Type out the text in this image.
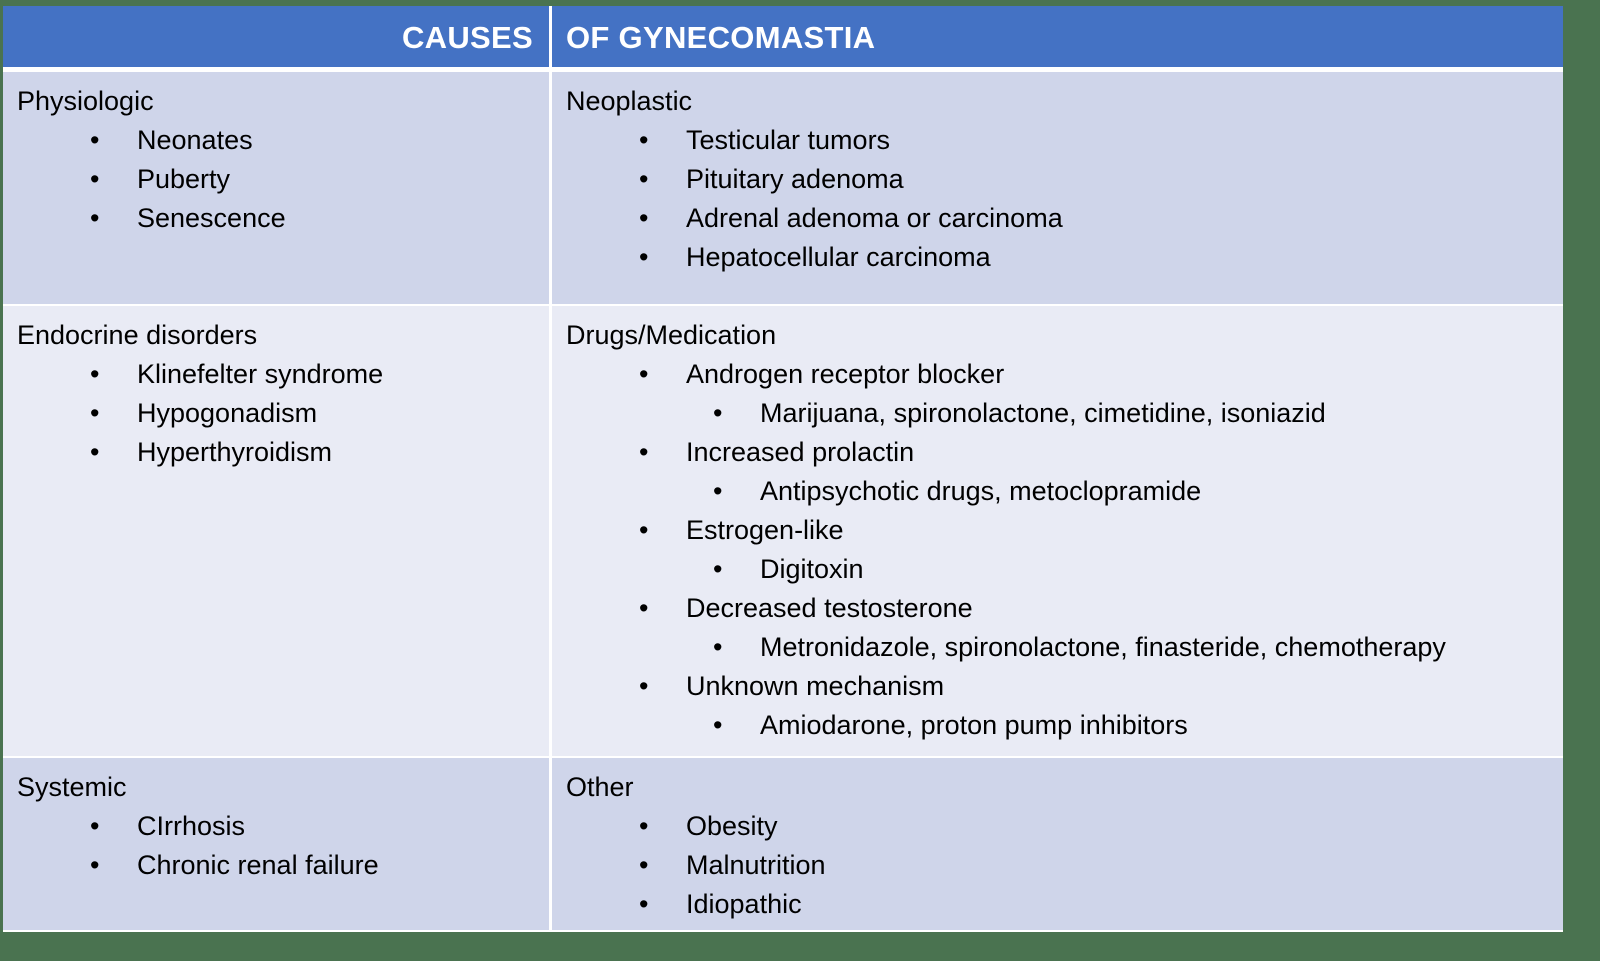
CAUSES	OF GYNECOMASTIA
Physiologic
• Neonates
• Puberty
• Senescence
Neoplastic
• Testicular tumors
• Pituitary adenoma
• Adrenal adenoma or carcinoma
• Hepatocellular carcinoma
Endocrine disorders
• Klinefelter syndrome
• Hypogonadism
• Hyperthyroidism
Drugs/Medication
• Androgen receptor blocker
• Marijuana, spironolactone, cimetidine, isoniazid
• Increased prolactin
• Antipsychotic drugs, metoclopramide
• Estrogen-like
• Digitoxin
• Decreased testosterone
• Metronidazole, spironolactone, finasteride, chemotherapy
• Unknown mechanism
• Amiodarone, proton pump inhibitors
Systemic
• CIrrhosis
• Chronic renal failure
Other
• Obesity
• Malnutrition
• Idiopathic
